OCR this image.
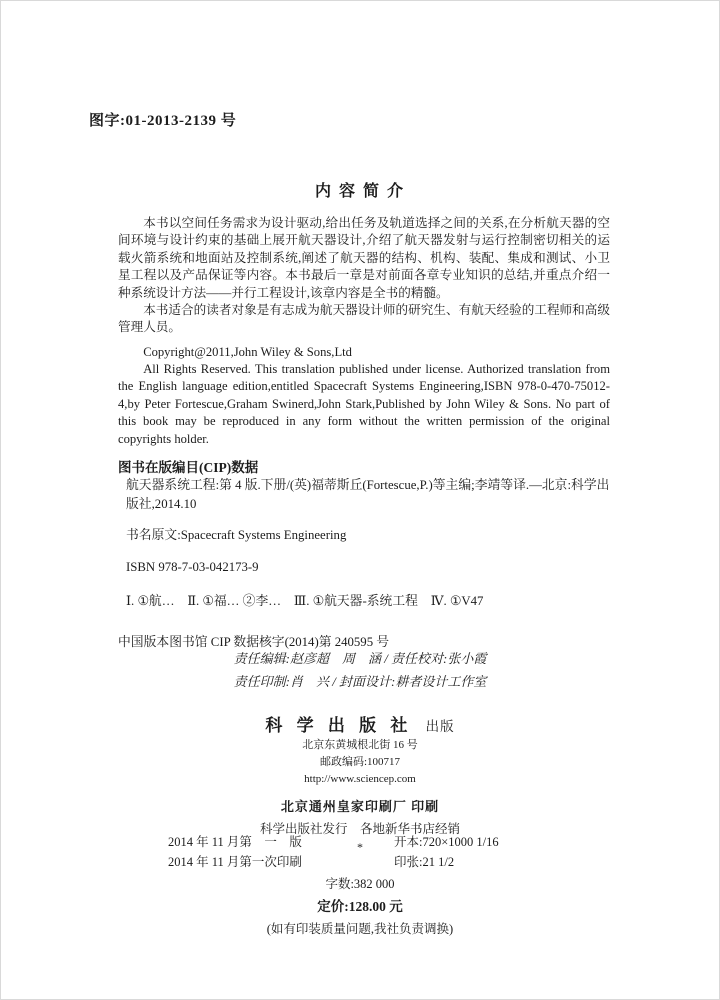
图字:01-2013-2139 号
内 容 简 介

本书以空间任务需求为设计驱动,给出任务及轨道选择之间的关系,在分析航天器的空间环境与设计约束的基础上展开航天器设计,介绍了航天器发射与运行控制密切相关的运载火箭系统和地面站及控制系统,阐述了航天器的结构、机构、装配、集成和测试、小卫星工程以及产品保证等内容。本书最后一章是对前面各章专业知识的总结,并重点介绍一种系统设计方法——并行工程设计,该章内容是全书的精髓。

本书适合的读者对象是有志成为航天器设计师的研究生、有航天经验的工程师和高级管理人员。

Copyright@2011,John Wiley & Sons,Ltd

All Rights Reserved. This translation published under license. Authorized translation from the English language edition,entitled Spacecraft Systems Engineering,ISBN 978-0-470-75012-4,by Peter Fortescue,Graham Swinerd,John Stark,Published by John Wiley & Sons. No part of this book may be reproduced in any form without the written permission of the original copyrights holder.

图书在版编目(CIP)数据

航天器系统工程:第 4 版.下册/(英)福蒂斯丘(Fortescue,P.)等主编;李靖等译.—北京:科学出版社,2014.10

书名原文:Spacecraft Systems Engineering

ISBN 978-7-03-042173-9

Ⅰ. ①航…　Ⅱ. ①福… ②李…　Ⅲ. ①航天器-系统工程　Ⅳ. ①V47

中国版本图书馆 CIP 数据核字(2014)第 240595 号

责任编辑:赵彦超　周　涵 / 责任校对:张小霞
责任印制:肖　兴 / 封面设计:耕者设计工作室
科 学 出 版 社 出版
北京东黄城根北街 16 号
邮政编码:100717
http://www.sciencep.com
北京通州皇家印刷厂 印刷
科学出版社发行　各地新华书店经销
*
2014 年 11 月第　一　版	开本:720×1000 1/16
2014 年 11 月第一次印刷	印张:21 1/2
字数:382 000
定价:128.00 元
(如有印装质量问题,我社负责调换)
